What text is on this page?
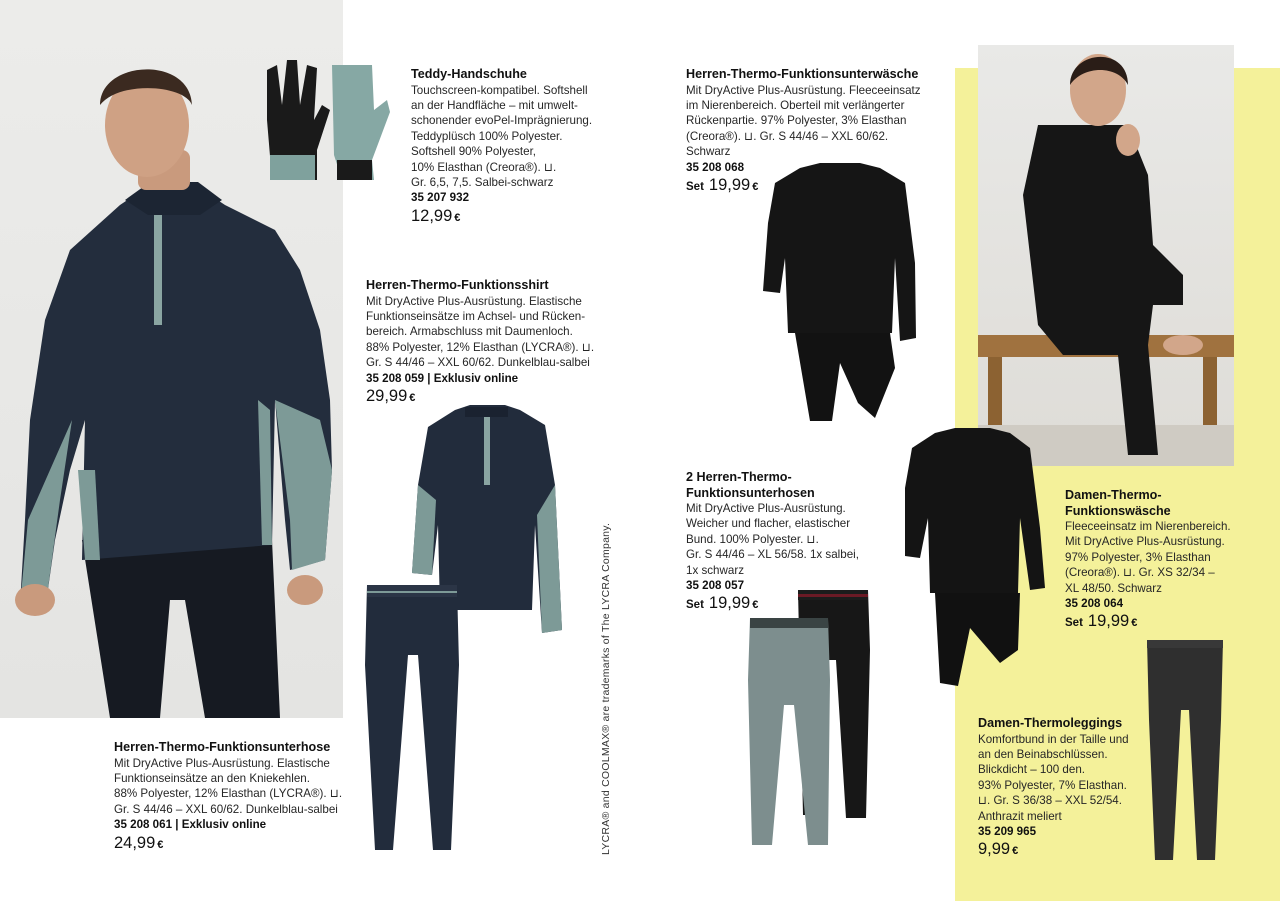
Teddy-Handschuhe
Touchscreen-kompatibel. Softshell
an der Handfläche – mit umwelt-
schonender evoPel-Imprägnierung.
Teddyplüsch 100% Polyester.
Softshell 90% Polyester,
10% Elasthan (Creora®). ⊔.
Gr. 6,5, 7,5. Salbei-schwarz
35 207 932
12,99 €
Herren-Thermo-Funktionsshirt
Mit DryActive Plus-Ausrüstung. Elastische
Funktionseinsätze im Achsel- und Rücken-
bereich. Armabschluss mit Daumenloch.
88% Polyester, 12% Elasthan (LYCRA®). ⊔.
Gr. S 44/46 – XXL 60/62. Dunkelblau-salbei
35 208 059 | Exklusiv online
29,99 €
Herren-Thermo-Funktionsunterhose
Mit DryActive Plus-Ausrüstung. Elastische
Funktionseinsätze an den Kniekehlen.
88% Polyester, 12% Elasthan (LYCRA®). ⊔.
Gr. S 44/46 – XXL 60/62. Dunkelblau-salbei
35 208 061 | Exklusiv online
24,99 €	LYCRA® and COOLMAX® are trademarks of The LYCRA Company.
Herren-Thermo-Funktionsunterwäsche
Mit DryActive Plus-Ausrüstung. Fleeceeinsatz
im Nierenbereich. Oberteil mit verlängerter
Rückenpartie. 97% Polyester, 3% Elasthan
(Creora®). ⊔. Gr. S 44/46 – XXL 60/62.
Schwarz
35 208 068
Set 19,99 €
2 Herren-Thermo-
Funktionsunterhosen
Mit DryActive Plus-Ausrüstung.
Weicher und flacher, elastischer
Bund. 100% Polyester. ⊔.
Gr. S 44/46 – XL 56/58. 1x salbei,
1x schwarz
35 208 057
Set 19,99 €
Damen-Thermo-
Funktionswäsche
Fleeceeinsatz im Nierenbereich.
Mit DryActive Plus-Ausrüstung.
97% Polyester, 3% Elasthan
(Creora®). ⊔. Gr. XS 32/34 –
XL 48/50. Schwarz
35 208 064
Set 19,99 €
Damen-Thermoleggings
Komfortbund in der Taille und
an den Beinabschlüssen.
Blickdicht – 100 den.
93% Polyester, 7% Elasthan.
⊔. Gr. S 36/38 – XXL 52/54.
Anthrazit meliert
35 209 965
9,99 €
